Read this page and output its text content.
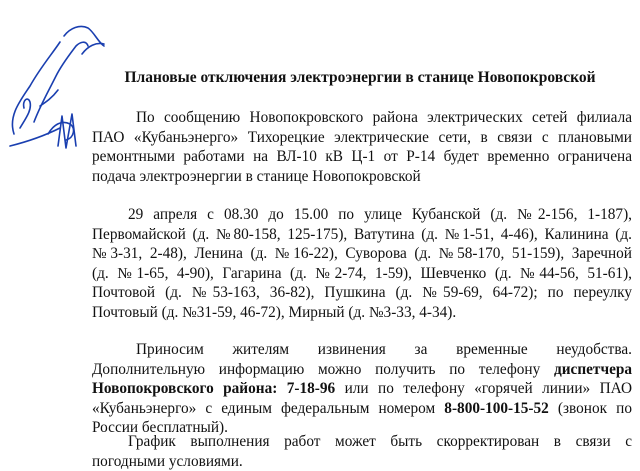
Плановые отключения электроэнергии в станице Новопокровской
По сообщению Новопокровского района электрических сетей филиала
ПАО «Кубаньэнерго» Тихорецкие электрические сети, в связи с плановыми
ремонтными работами на ВЛ-10 кВ Ц-1 от Р-14 будет временно ограничена
подача электроэнергии в станице Новопокровской
29 апреля с 08.30 до 15.00 по улице Кубанской (д. №2-156, 1-187),
Первомайской (д. №80-158, 125-175), Ватутина (д. №1-51, 4-46), Калинина (д.
№3-31, 2-48), Ленина (д. №16-22), Суворова (д. №58-170, 51-159), Заречной
(д. №1-65, 4-90), Гагарина (д. №2-74, 1-59), Шевченко (д. №44-56, 51-61),
Почтовой (д. №53-163, 36-82), Пушкина (д. №59-69, 64-72); по переулку
Почтовый (д. №31-59, 46-72), Мирный (д. №3-33, 4-34).
Приносим жителям извинения за временные неудобства.
Дополнительную информацию можно получить по телефону диспетчера
Новопокровского района: 7-18-96 или по телефону «горячей линии» ПАО
«Кубаньэнерго» с единым федеральным номером 8-800-100-15-52 (звонок по
России бесплатный).
График выполнения работ может быть скорректирован в связи с
погодными условиями.
